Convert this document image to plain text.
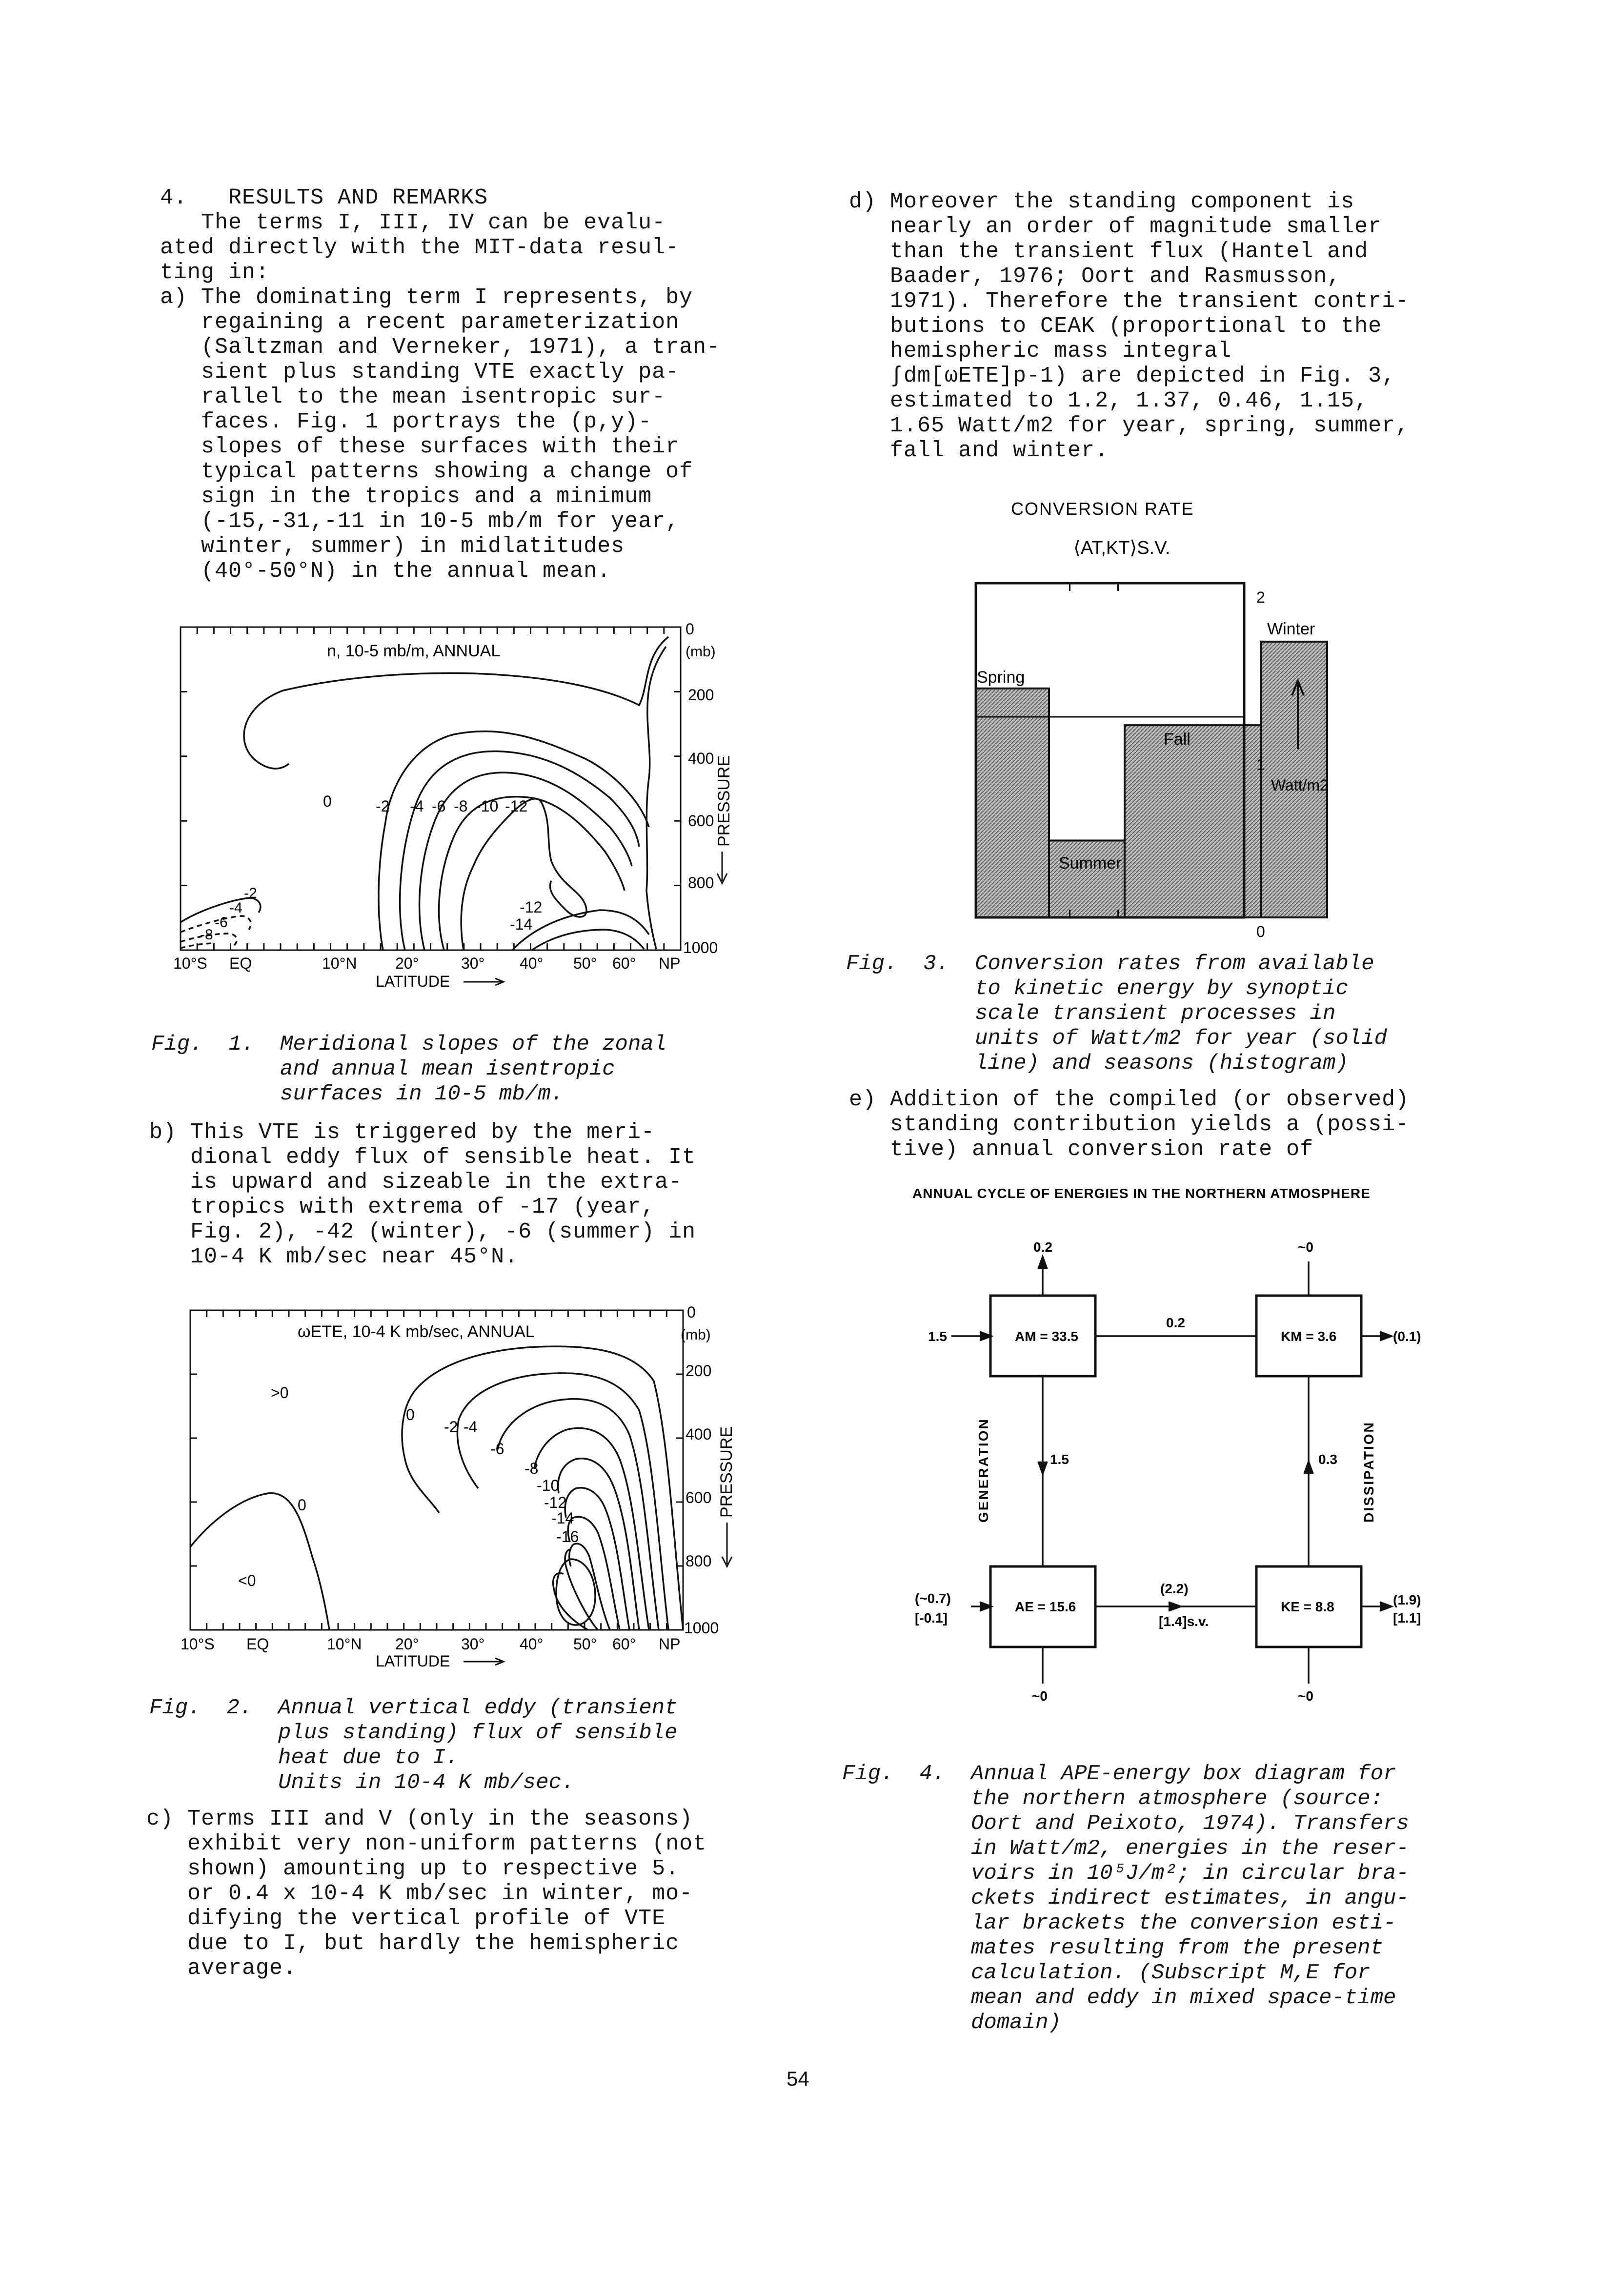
4.   RESULTS AND REMARKS

The terms I, III, IV can be evalu-

ated directly with the MIT-data resul-

ting in:

a) The dominating term I represents, by

regaining a recent parameterization

(Saltzman and Verneker, 1971), a tran-

sient plus standing VTE exactly pa-

rallel to the mean isentropic sur-

faces. Fig. 1 portrays the (p,y)-

slopes of these surfaces with their

typical patterns showing a change of

sign in the tropics and a minimum

(-15,-31,-11 in 10-5 mb/m for year,

winter, summer) in midlatitudes

(40°-50°N) in the annual mean.

n, 10-5 mb/m, ANNUAL
0	-2 -4 -6 -8 -10 -12
-12
-14
-2
-4
-6
-8
0
(mb)
200
400
600
800
1000
PRESSURE
10°S EQ	10°N 20°	30° 40° 50° 60° NP
LATITUDE

Fig.  1.  Meridional slopes of the zonal

and annual mean isentropic

surfaces in 10-5 mb/m.

b) This VTE is triggered by the meri-

dional eddy flux of sensible heat. It

is upward and sizeable in the extra-

tropics with extrema of -17 (year,

Fig. 2), -42 (winter), -6 (summer) in

10-4 K mb/sec near 45°N.

ωETE, 10-4 K mb/sec, ANNUAL
>0
<0
0
0
-2 -4
-6
-8
-10
-12
-14
-16
0
(mb)
200
400
600
800
1000
PRESSURE
10°S EQ	10°N 20°	30° 40° 50° 60° NP
LATITUDE

Fig.  2.  Annual vertical eddy (transient

plus standing) flux of sensible

heat due to I.

Units in 10-4 K mb/sec.

c) Terms III and V (only in the seasons)

exhibit very non-uniform patterns (not

shown) amounting up to respective 5.

or 0.4 x 10-4 K mb/sec in winter, mo-

difying the vertical profile of VTE

due to I, but hardly the hemispheric

average.

d) Moreover the standing component is

nearly an order of magnitude smaller

than the transient flux (Hantel and

Baader, 1976; Oort and Rasmusson,

1971). Therefore the transient contri-

butions to CEAK (proportional to the

hemispheric mass integral

∫dm[ωETE]p-1) are depicted in Fig. 3,

estimated to 1.2, 1.37, 0.46, 1.15,

1.65 Watt/m2 for year, spring, summer,

fall and winter.

CONVERSION RATE
⟨AT,KT⟩S.V.
2
1
0
Watt/m2
Spring
Summer
Fall
Winter

Fig.  3.  Conversion rates from available

to kinetic energy by synoptic

scale transient processes in

units of Watt/m2 for year (solid

line) and seasons (histogram)

e) Addition of the compiled (or observed)

standing contribution yields a (possi-

tive) annual conversion rate of

ANNUAL CYCLE OF ENERGIES IN THE NORTHERN ATMOSPHERE
AM = 33.5	KM = 3.6
AE = 15.6	KE = 8.8
0.2	~0
1.5	(0.1)
0.2
1.5	0.3
(~0.7)
[-0.1]
(2.2)
[1.4]s.v.
(1.9)
[1.1]
~0	~0
GENERATION	DISSIPATION

Fig.  4.  Annual APE-energy box diagram for

the northern atmosphere (source:

Oort and Peixoto, 1974). Transfers

in Watt/m2, energies in the reser-

voirs in 10⁵J/m²; in circular bra-

ckets indirect estimates, in angu-

lar brackets the conversion esti-

mates resulting from the present

calculation. (Subscript M,E for

mean and eddy in mixed space-time

domain)

54
